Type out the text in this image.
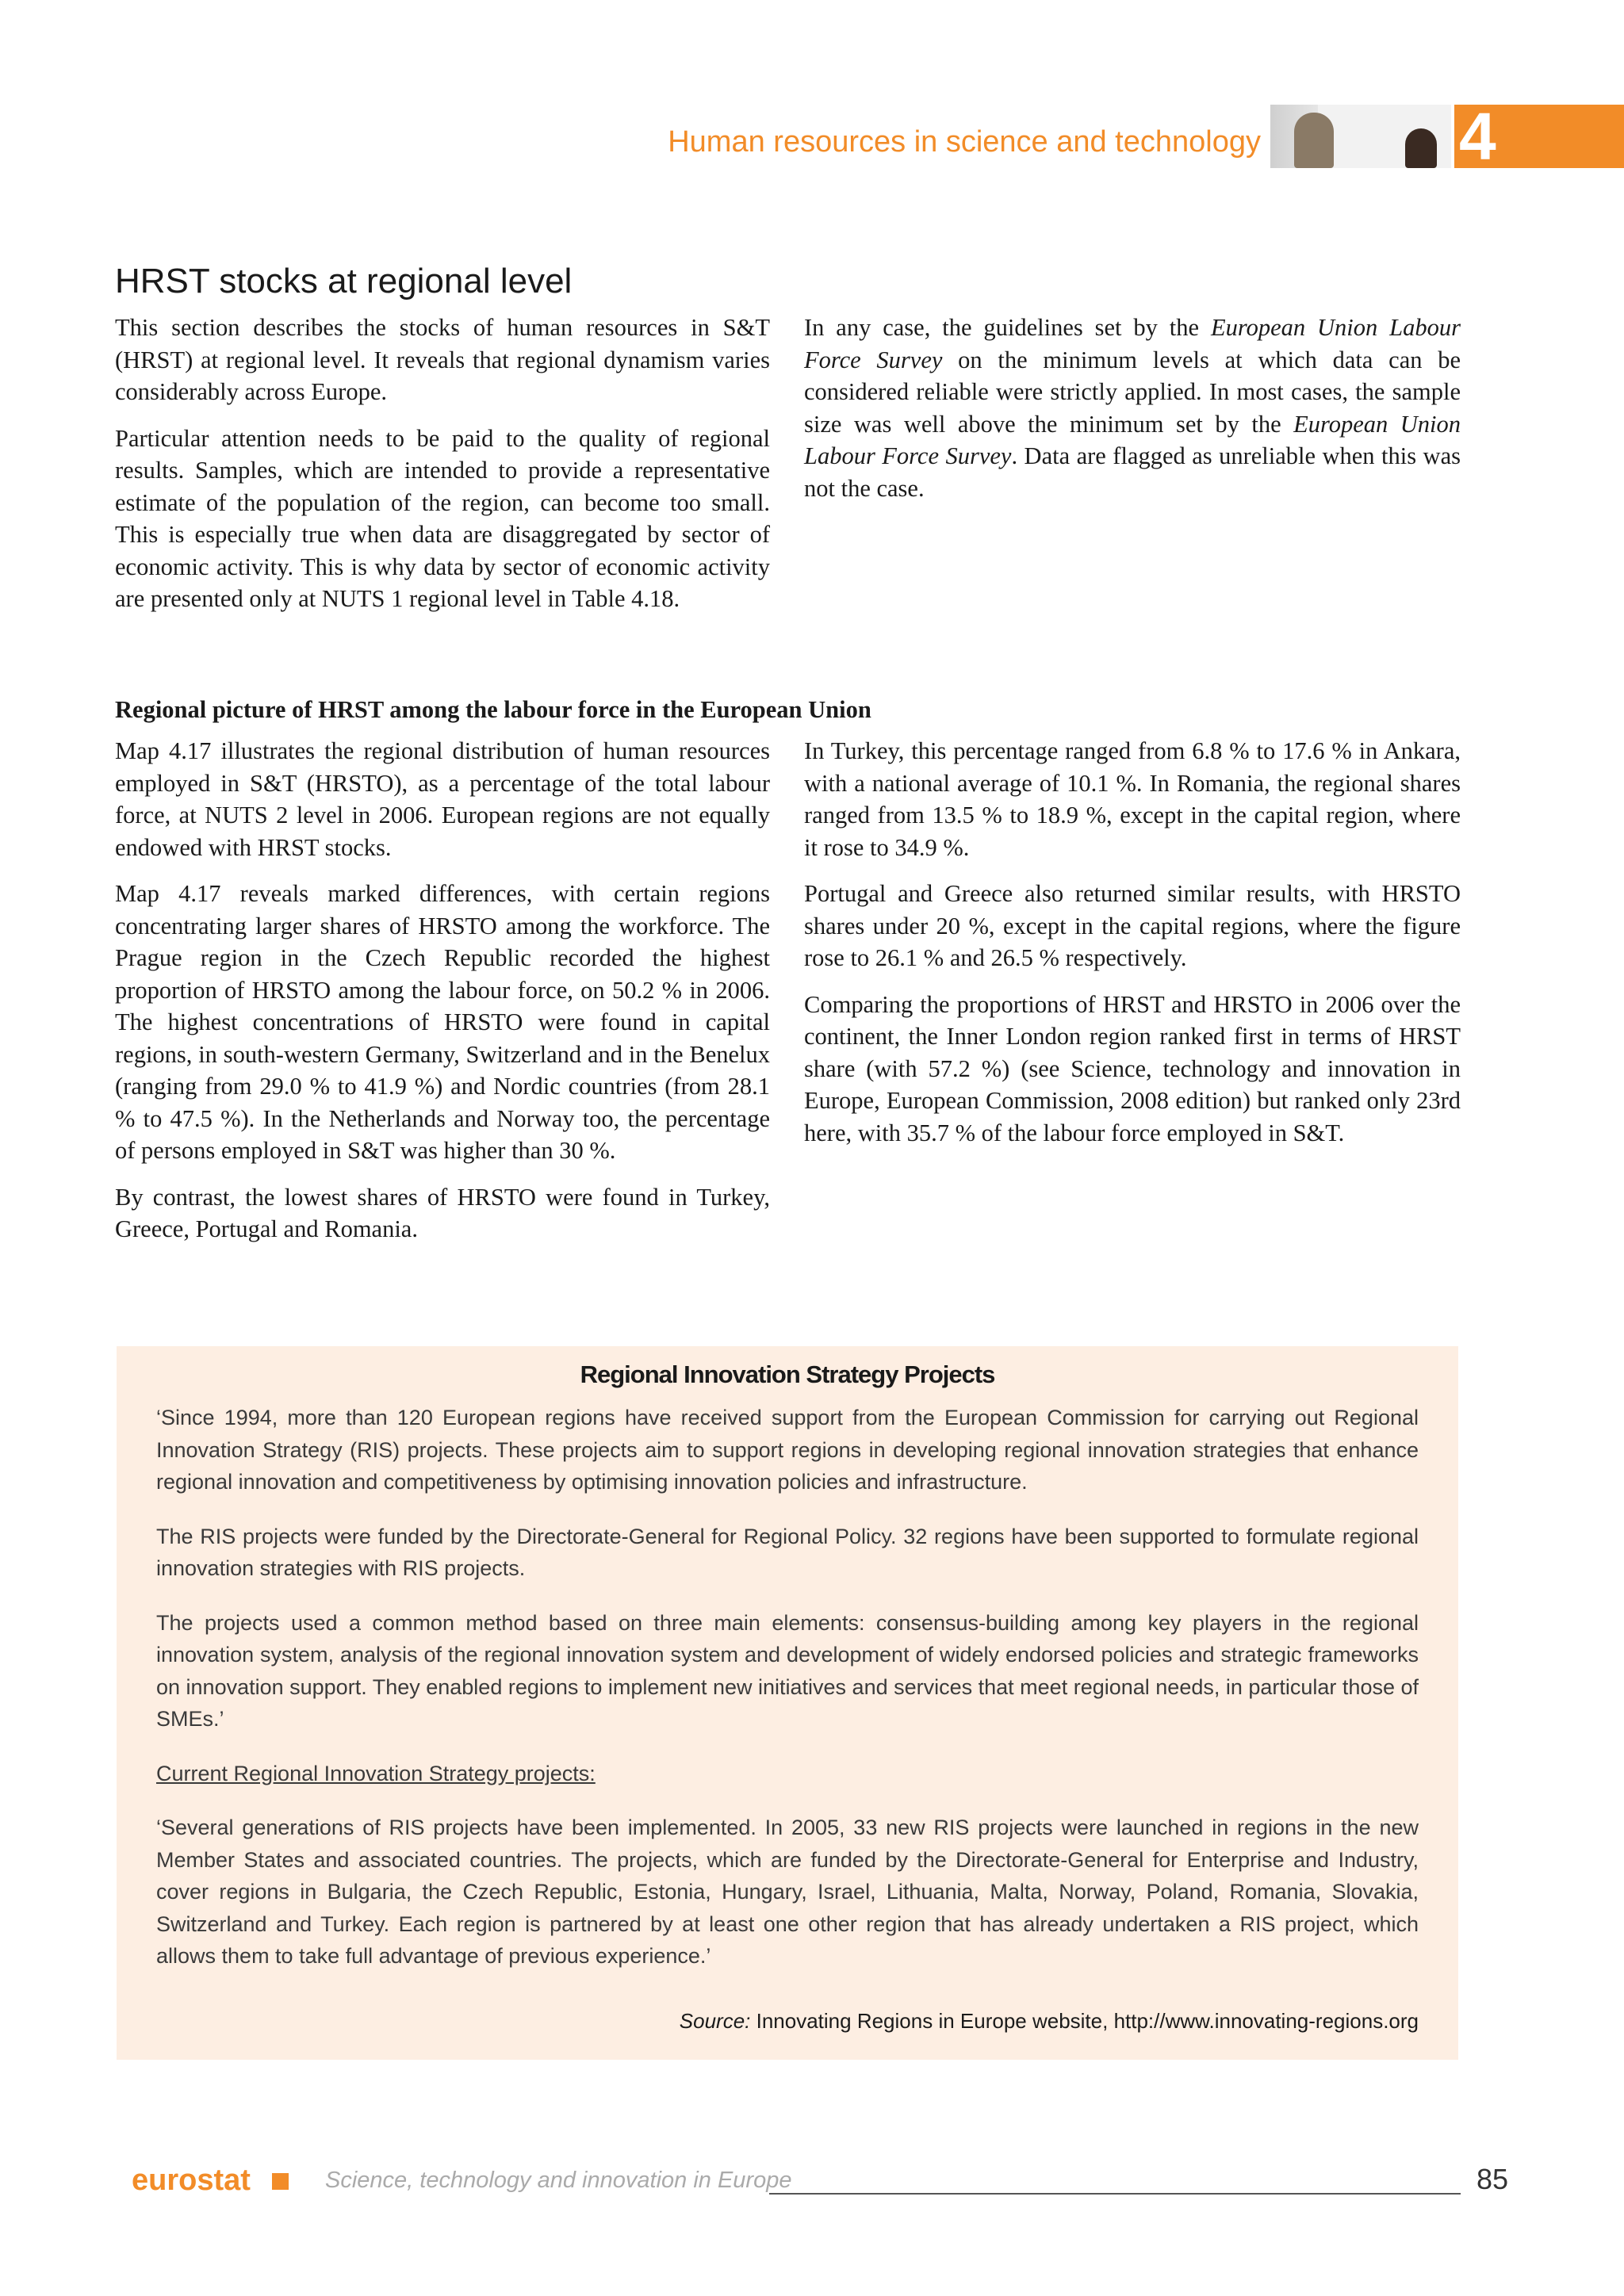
Human resources in science and technology	4
HRST stocks at regional level

This section describes the stocks of human resources in S&T (HRST) at regional level. It reveals that regional dynamism varies considerably across Europe.

Particular attention needs to be paid to the quality of regional results. Samples, which are intended to provide a representative estimate of the population of the region, can become too small. This is especially true when data are disaggregated by sector of economic activity. This is why data by sector of economic activity are presented only at NUTS 1 regional level in Table 4.18.

In any case, the guidelines set by the European Union Labour Force Survey on the minimum levels at which data can be considered reliable were strictly applied. In most cases, the sample size was well above the minimum set by the European Union Labour Force Survey. Data are flagged as unreliable when this was not the case.

Regional picture of HRST among the labour force in the European Union

Map 4.17 illustrates the regional distribution of human resources employed in S&T (HRSTO), as a percentage of the total labour force, at NUTS 2 level in 2006. European regions are not equally endowed with HRST stocks.

Map 4.17 reveals marked differences, with certain regions concentrating larger shares of HRSTO among the workforce. The Prague region in the Czech Republic recorded the highest proportion of HRSTO among the labour force, on 50.2 % in 2006. The highest concentrations of HRSTO were found in capital regions, in south-western Germany, Switzerland and in the Benelux (ranging from 29.0 % to 41.9 %) and Nordic countries (from 28.1 % to 47.5 %). In the Netherlands and Norway too, the percentage of persons employed in S&T was higher than 30 %.

By contrast, the lowest shares of HRSTO were found in Turkey, Greece, Portugal and Romania.

In Turkey, this percentage ranged from 6.8 % to 17.6 % in Ankara, with a national average of 10.1 %. In Romania, the regional shares ranged from 13.5 % to 18.9 %, except in the capital region, where it rose to 34.9 %.

Portugal and Greece also returned similar results, with HRSTO shares under 20 %, except in the capital regions, where the figure rose to 26.1 % and 26.5 % respectively.

Comparing the proportions of HRST and HRSTO in 2006 over the continent, the Inner London region ranked first in terms of HRST share (with 57.2 %) (see Science, technology and innovation in Europe, European Commission, 2008 edition) but ranked only 23rd here, with 35.7 % of the labour force employed in S&T.

Regional Innovation Strategy Projects

‘Since 1994, more than 120 European regions have received support from the European Commission for carrying out Regional Innovation Strategy (RIS) projects. These projects aim to support regions in developing regional innovation strategies that enhance regional innovation and competitiveness by optimising innovation policies and infrastructure.

The RIS projects were funded by the Directorate-General for Regional Policy. 32 regions have been supported to formulate regional innovation strategies with RIS projects.

The projects used a common method based on three main elements: consensus-building among key players in the regional innovation system, analysis of the regional innovation system and development of widely endorsed policies and strategic frameworks on innovation support. They enabled regions to implement new initiatives and services that meet regional needs, in particular those of SMEs.’

Current Regional Innovation Strategy projects:

‘Several generations of RIS projects have been implemented. In 2005, 33 new RIS projects were launched in regions in the new Member States and associated countries. The projects, which are funded by the Directorate-General for Enterprise and Industry, cover regions in Bulgaria, the Czech Republic, Estonia, Hungary, Israel, Lithuania, Malta, Norway, Poland, Romania, Slovakia, Switzerland and Turkey. Each region is partnered by at least one other region that has already undertaken a RIS project, which allows them to take full advantage of previous experience.’

Source: Innovating Regions in Europe website, http://www.innovating-regions.org
eurostat	Science, technology and innovation in Europe	85
